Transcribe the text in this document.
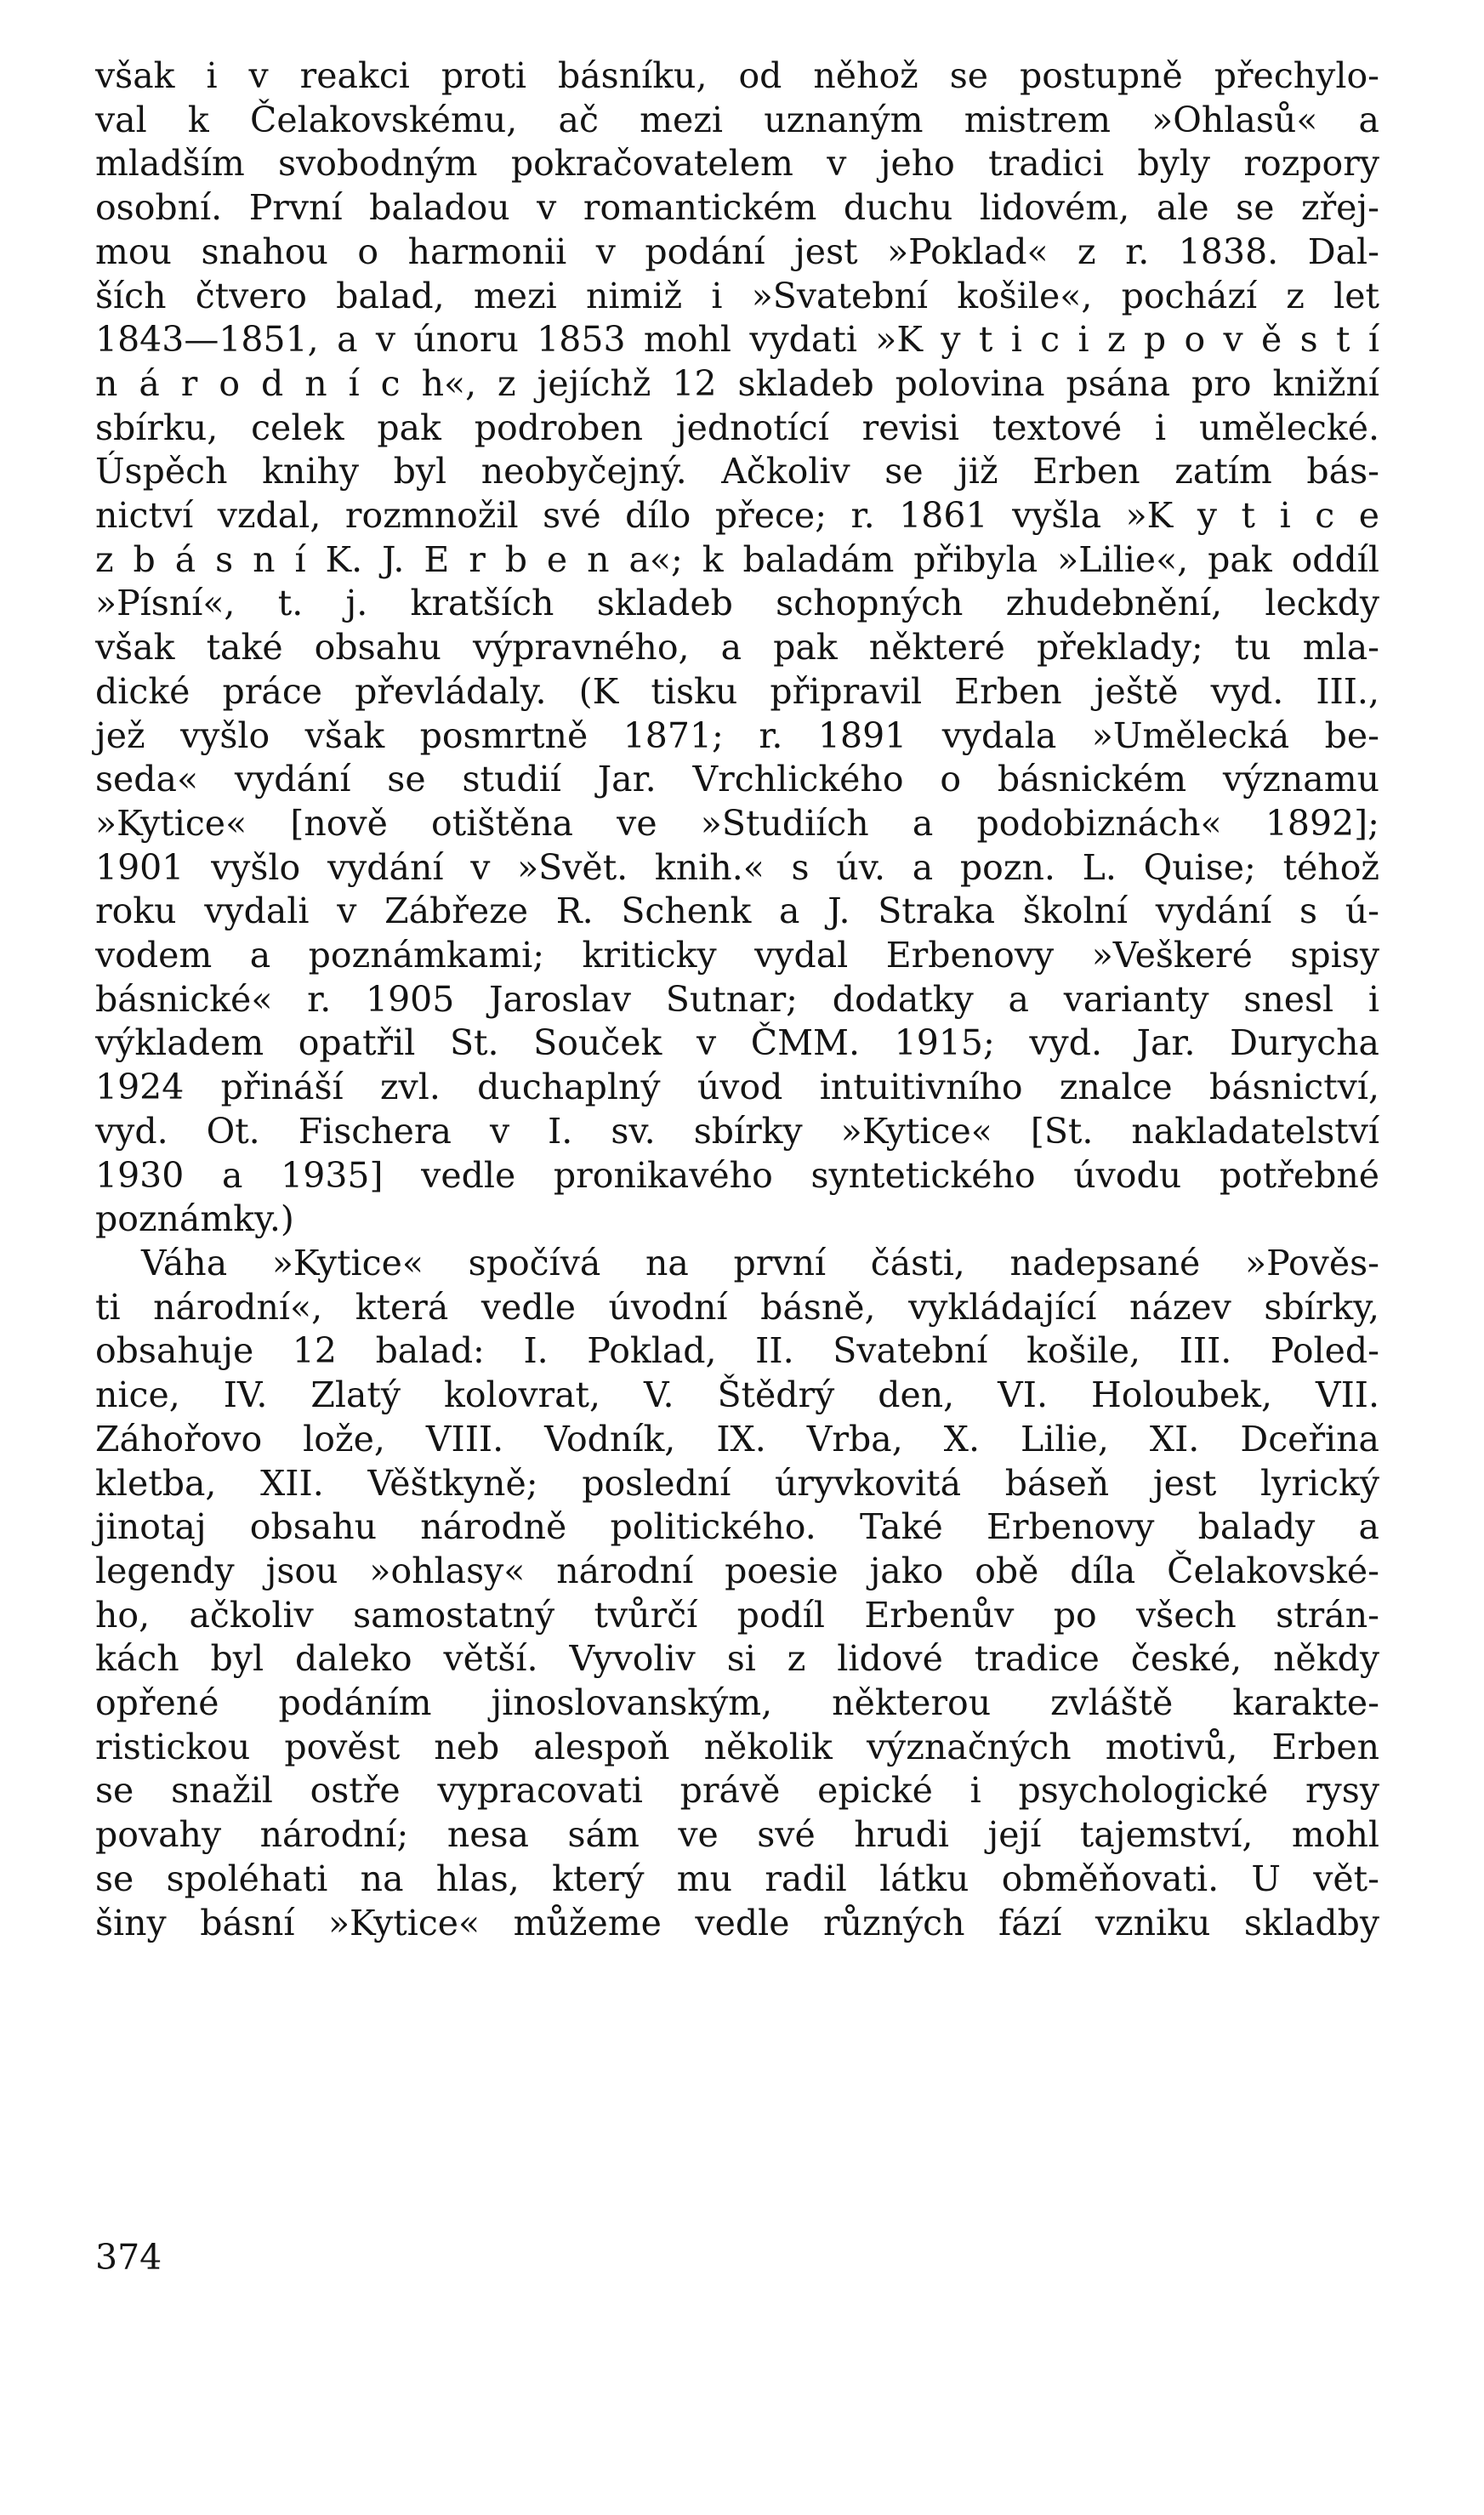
však i v reakci proti básníku, od něhož se postupně přechylo-
val k Čelakovskému, ač mezi uznaným mistrem »Ohlasů« a
mladším svobodným pokračovatelem v jeho tradici byly rozpory
osobní. První baladou v romantickém duchu lidovém, ale se zřej-
mou snahou o harmonii v podání jest »Poklad« z r. 1838. Dal-
ších čtvero balad, mezi nimiž i »Svatební košile«, pochází z let
1843—1851, a v únoru 1853 mohl vydati »K y t i c i z p o v ě s t í
n á r o d n í c h«, z jejíchž 12 skladeb polovina psána pro knižní
sbírku, celek pak podroben jednotící revisi textové i umělecké.
Úspěch knihy byl neobyčejný. Ačkoliv se již Erben zatím bás-
nictví vzdal, rozmnožil své dílo přece; r. 1861 vyšla »K y t i c e
z b á s n í K. J. E r b e n a«; k baladám přibyla »Lilie«, pak oddíl
»Písní«, t. j. kratších skladeb schopných zhudebnění, leckdy
však také obsahu výpravného, a pak některé překlady; tu mla-
dické práce převládaly. (K tisku připravil Erben ještě vyd. III.,
jež vyšlo však posmrtně 1871; r. 1891 vydala »Umělecká be-
seda« vydání se studií Jar. Vrchlického o básnickém významu
»Kytice« [nově otištěna ve »Studiích a podobiznách« 1892];
1901 vyšlo vydání v »Svět. knih.« s úv. a pozn. L. Quise; téhož
roku vydali v Zábřeze R. Schenk a J. Straka školní vydání s ú-
vodem a poznámkami; kriticky vydal Erbenovy »Veškeré spisy
básnické« r. 1905 Jaroslav Sutnar; dodatky a varianty snesl i
výkladem opatřil St. Souček v ČMM. 1915; vyd. Jar. Durycha
1924 přináší zvl. duchaplný úvod intuitivního znalce básnictví,
vyd. Ot. Fischera v I. sv. sbírky »Kytice« [St. nakladatelství
1930 a 1935] vedle pronikavého syntetického úvodu potřebné
poznámky.)
Váha »Kytice« spočívá na první části, nadepsané »Pověs-
ti národní«, která vedle úvodní básně, vykládající název sbírky,
obsahuje 12 balad: I. Poklad, II. Svatební košile, III. Poled-
nice, IV. Zlatý kolovrat, V. Štědrý den, VI. Holoubek, VII.
Záhořovo lože, VIII. Vodník, IX. Vrba, X. Lilie, XI. Dceřina
kletba, XII. Věštkyně; poslední úryvkovitá báseň jest lyrický
jinotaj obsahu národně politického. Také Erbenovy balady a
legendy jsou »ohlasy« národní poesie jako obě díla Čelakovské-
ho, ačkoliv samostatný tvůrčí podíl Erbenův po všech strán-
kách byl daleko větší. Vyvoliv si z lidové tradice české, někdy
opřené podáním jinoslovanským, některou zvláště karakte-
ristickou pověst neb alespoň několik význačných motivů, Erben
se snažil ostře vypracovati právě epické i psychologické rysy
povahy národní; nesa sám ve své hrudi její tajemství, mohl
se spoléhati na hlas, který mu radil látku obměňovati. U vět-
šiny básní »Kytice« můžeme vedle různých fází vzniku skladby
374
